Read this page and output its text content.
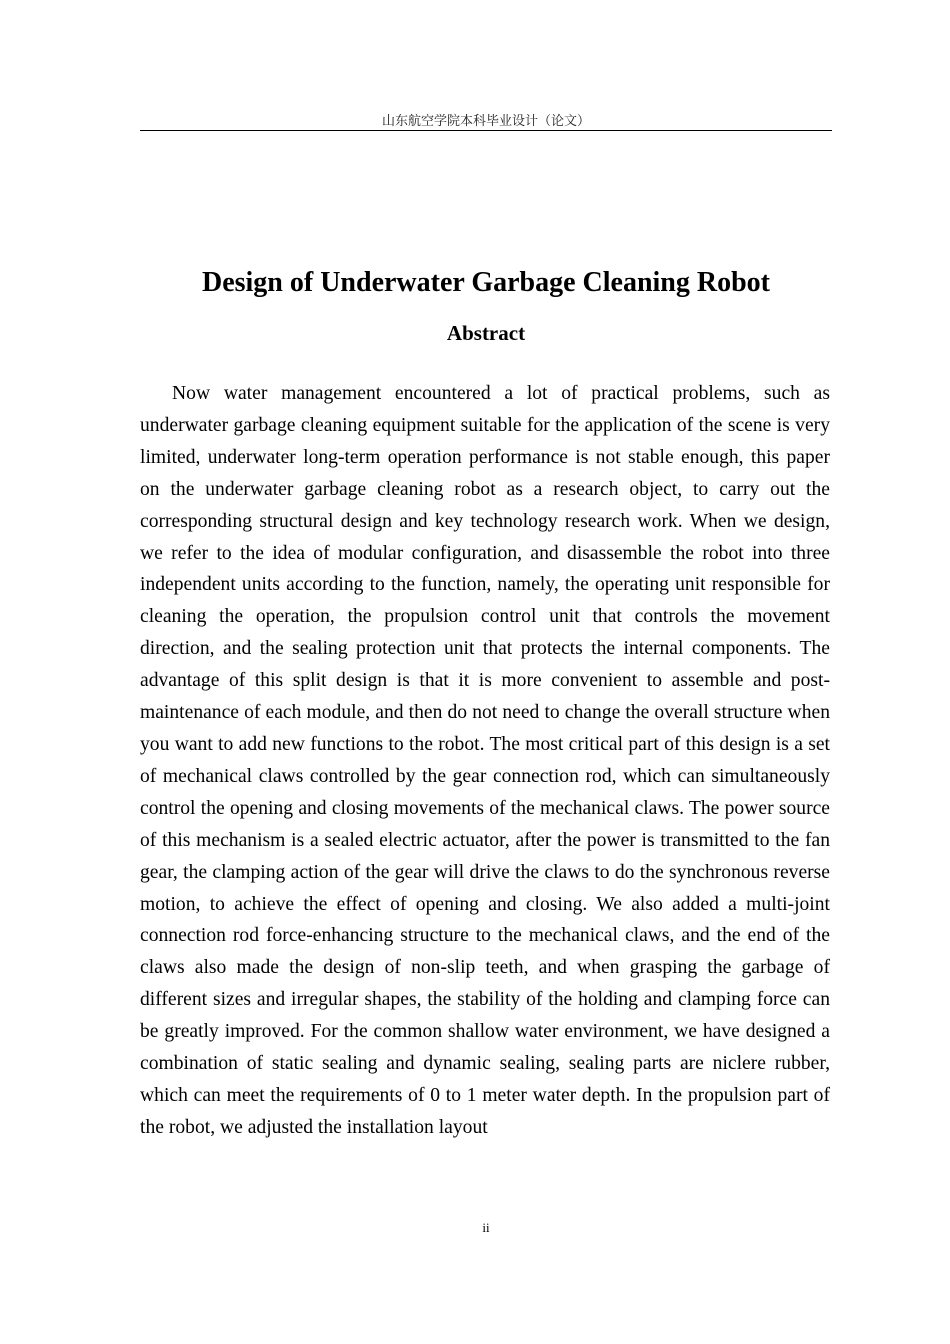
山东航空学院本科毕业设计（论文）
Design of Underwater Garbage Cleaning Robot
Abstract

Now water management encountered a lot of practical problems, such as underwater garbage cleaning equipment suitable for the application of the scene is very limited, underwater long-term operation performance is not stable enough, this paper on the underwater garbage cleaning robot as a research object, to carry out the corresponding structural design and key technology research work. When we design, we refer to the idea of modular configuration, and disassemble the robot into three independent units according to the function, namely, the operating unit responsible for cleaning the operation, the propulsion control unit that controls the movement direction, and the sealing protection unit that protects the internal components. The advantage of this split design is that it is more convenient to assemble and post-maintenance of each module, and then do not need to change the overall structure when you want to add new functions to the robot. The most critical part of this design is a set of mechanical claws controlled by the gear connection rod, which can simultaneously control the opening and closing movements of the mechanical claws. The power source of this mechanism is a sealed electric actuator, after the power is transmitted to the fan gear, the clamping action of the gear will drive the claws to do the synchronous reverse motion, to achieve the effect of opening and closing. We also added a multi-joint connection rod force-enhancing structure to the mechanical claws, and the end of the claws also made the design of non-slip teeth, and when grasping the garbage of different sizes and irregular shapes, the stability of the holding and clamping force can be greatly improved. For the common shallow water environment, we have designed a combination of static sealing and dynamic sealing, sealing parts are niclere rubber, which can meet the requirements of 0 to 1 meter water depth. In the propulsion part of the robot, we adjusted the installation layout

ii
